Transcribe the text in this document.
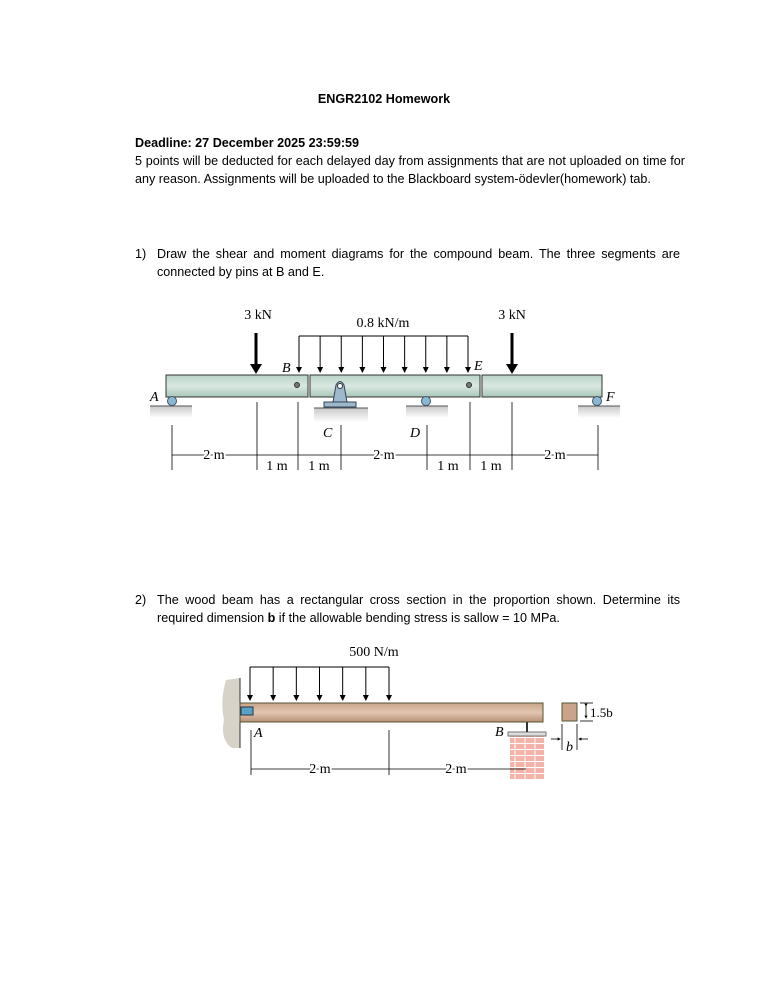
ENGR2102 Homework
Deadline: 27 December 2025 23:59:59
5 points will be deducted for each delayed day from assignments that are not uploaded on time for any reason. Assignments will be uploaded to the Blackboard system-ödevler(homework) tab.
1) Draw the shear and moment diagrams for the compound beam. The three segments are connected by pins at B and E.
2) The wood beam has a rectangular cross section in the proportion shown. Determine its required dimension b if the allowable bending stress is sallow = 10 MPa.
3 kN
0.8 kN/m
3 kN
A
B
C	D
E
F
2 m
1 m 1 m
2 m
1 m 1 m
2 m
500 N/m
A	B
2 m	2 m
1.5b
b
